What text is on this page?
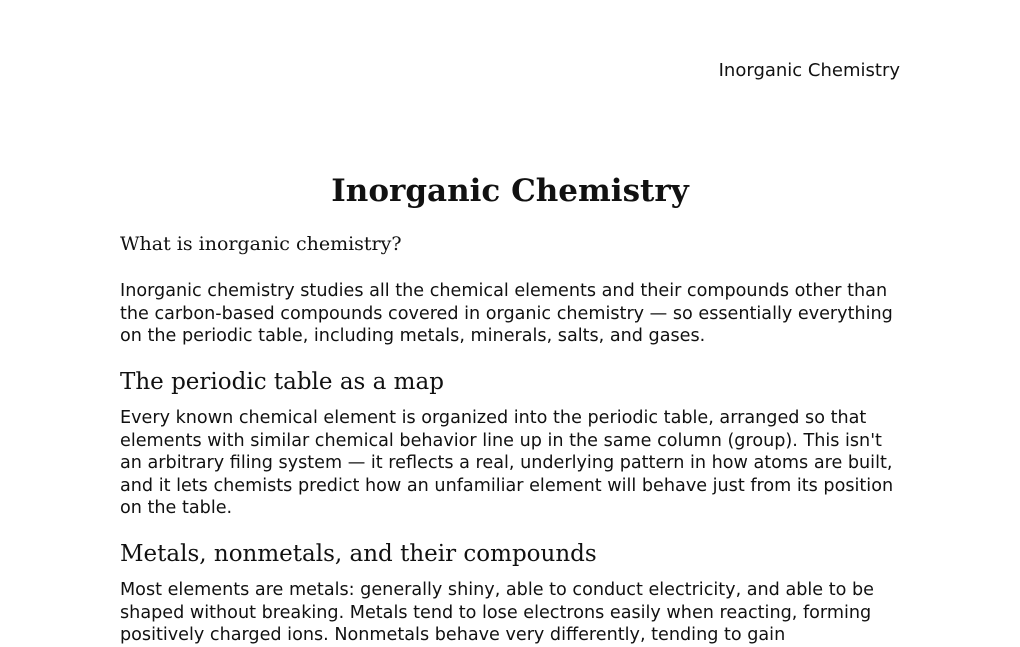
Inorganic Chemistry
Inorganic Chemistry

What is inorganic chemistry?

Inorganic chemistry studies all the chemical elements and their compounds other than the carbon-based compounds covered in organic chemistry — so essentially everything on the periodic table, including metals, minerals, salts, and gases.

The periodic table as a map

Every known chemical element is organized into the periodic table, arranged so that elements with similar chemical behavior line up in the same column (group). This isn't an arbitrary filing system — it reflects a real, underlying pattern in how atoms are built, and it lets chemists predict how an unfamiliar element will behave just from its position on the table.

Metals, nonmetals, and their compounds

Most elements are metals: generally shiny, able to conduct electricity, and able to be shaped without breaking. Metals tend to lose electrons easily when reacting, forming positively charged ions. Nonmetals behave very differently, tending to gain
